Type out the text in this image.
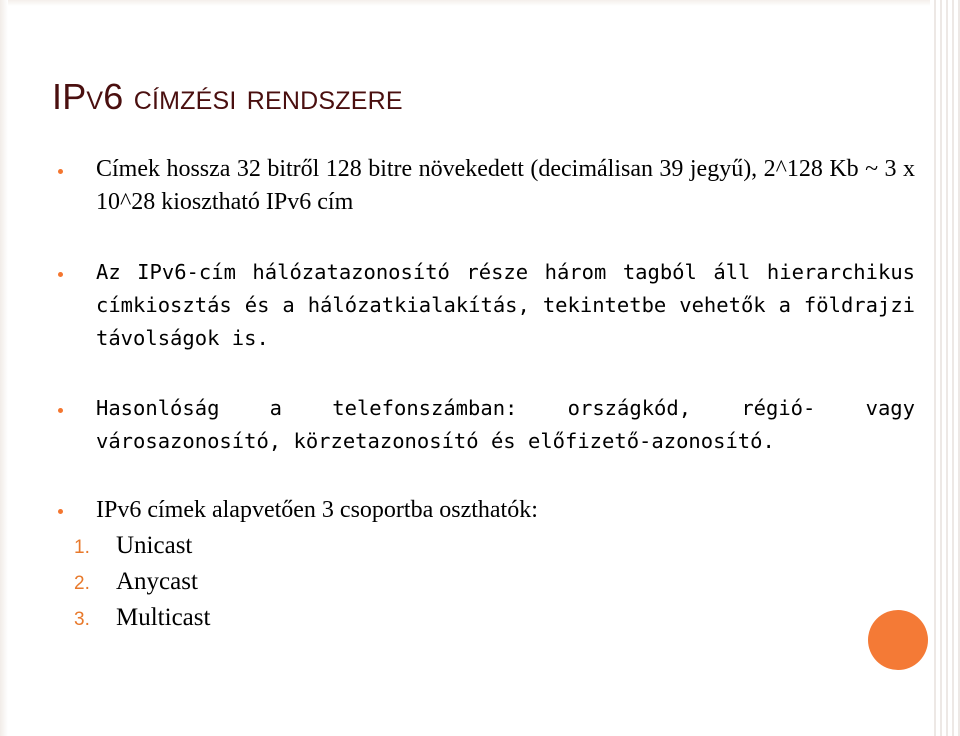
IPv6 címzési rendszere
Címek hossza 32 bitről 128 bitre növekedett (decimálisan 39 jegyű), 2^128 Kb ~ 3 x 10^28 kiosztható IPv6 cím
Az IPv6-cím hálózatazonosító része három tagból áll hierarchikus címkiosztás és a hálózatkialakítás, tekintetbe vehetők a földrajzi távolságok is.
Hasonlóság a telefonszámban: országkód, régió- vagy városazonosító, körzetazonosító és előfizető-azonosító.
IPv6 címek alapvetően 3 csoportba oszthatók:
1. Unicast
2. Anycast
3. Multicast
